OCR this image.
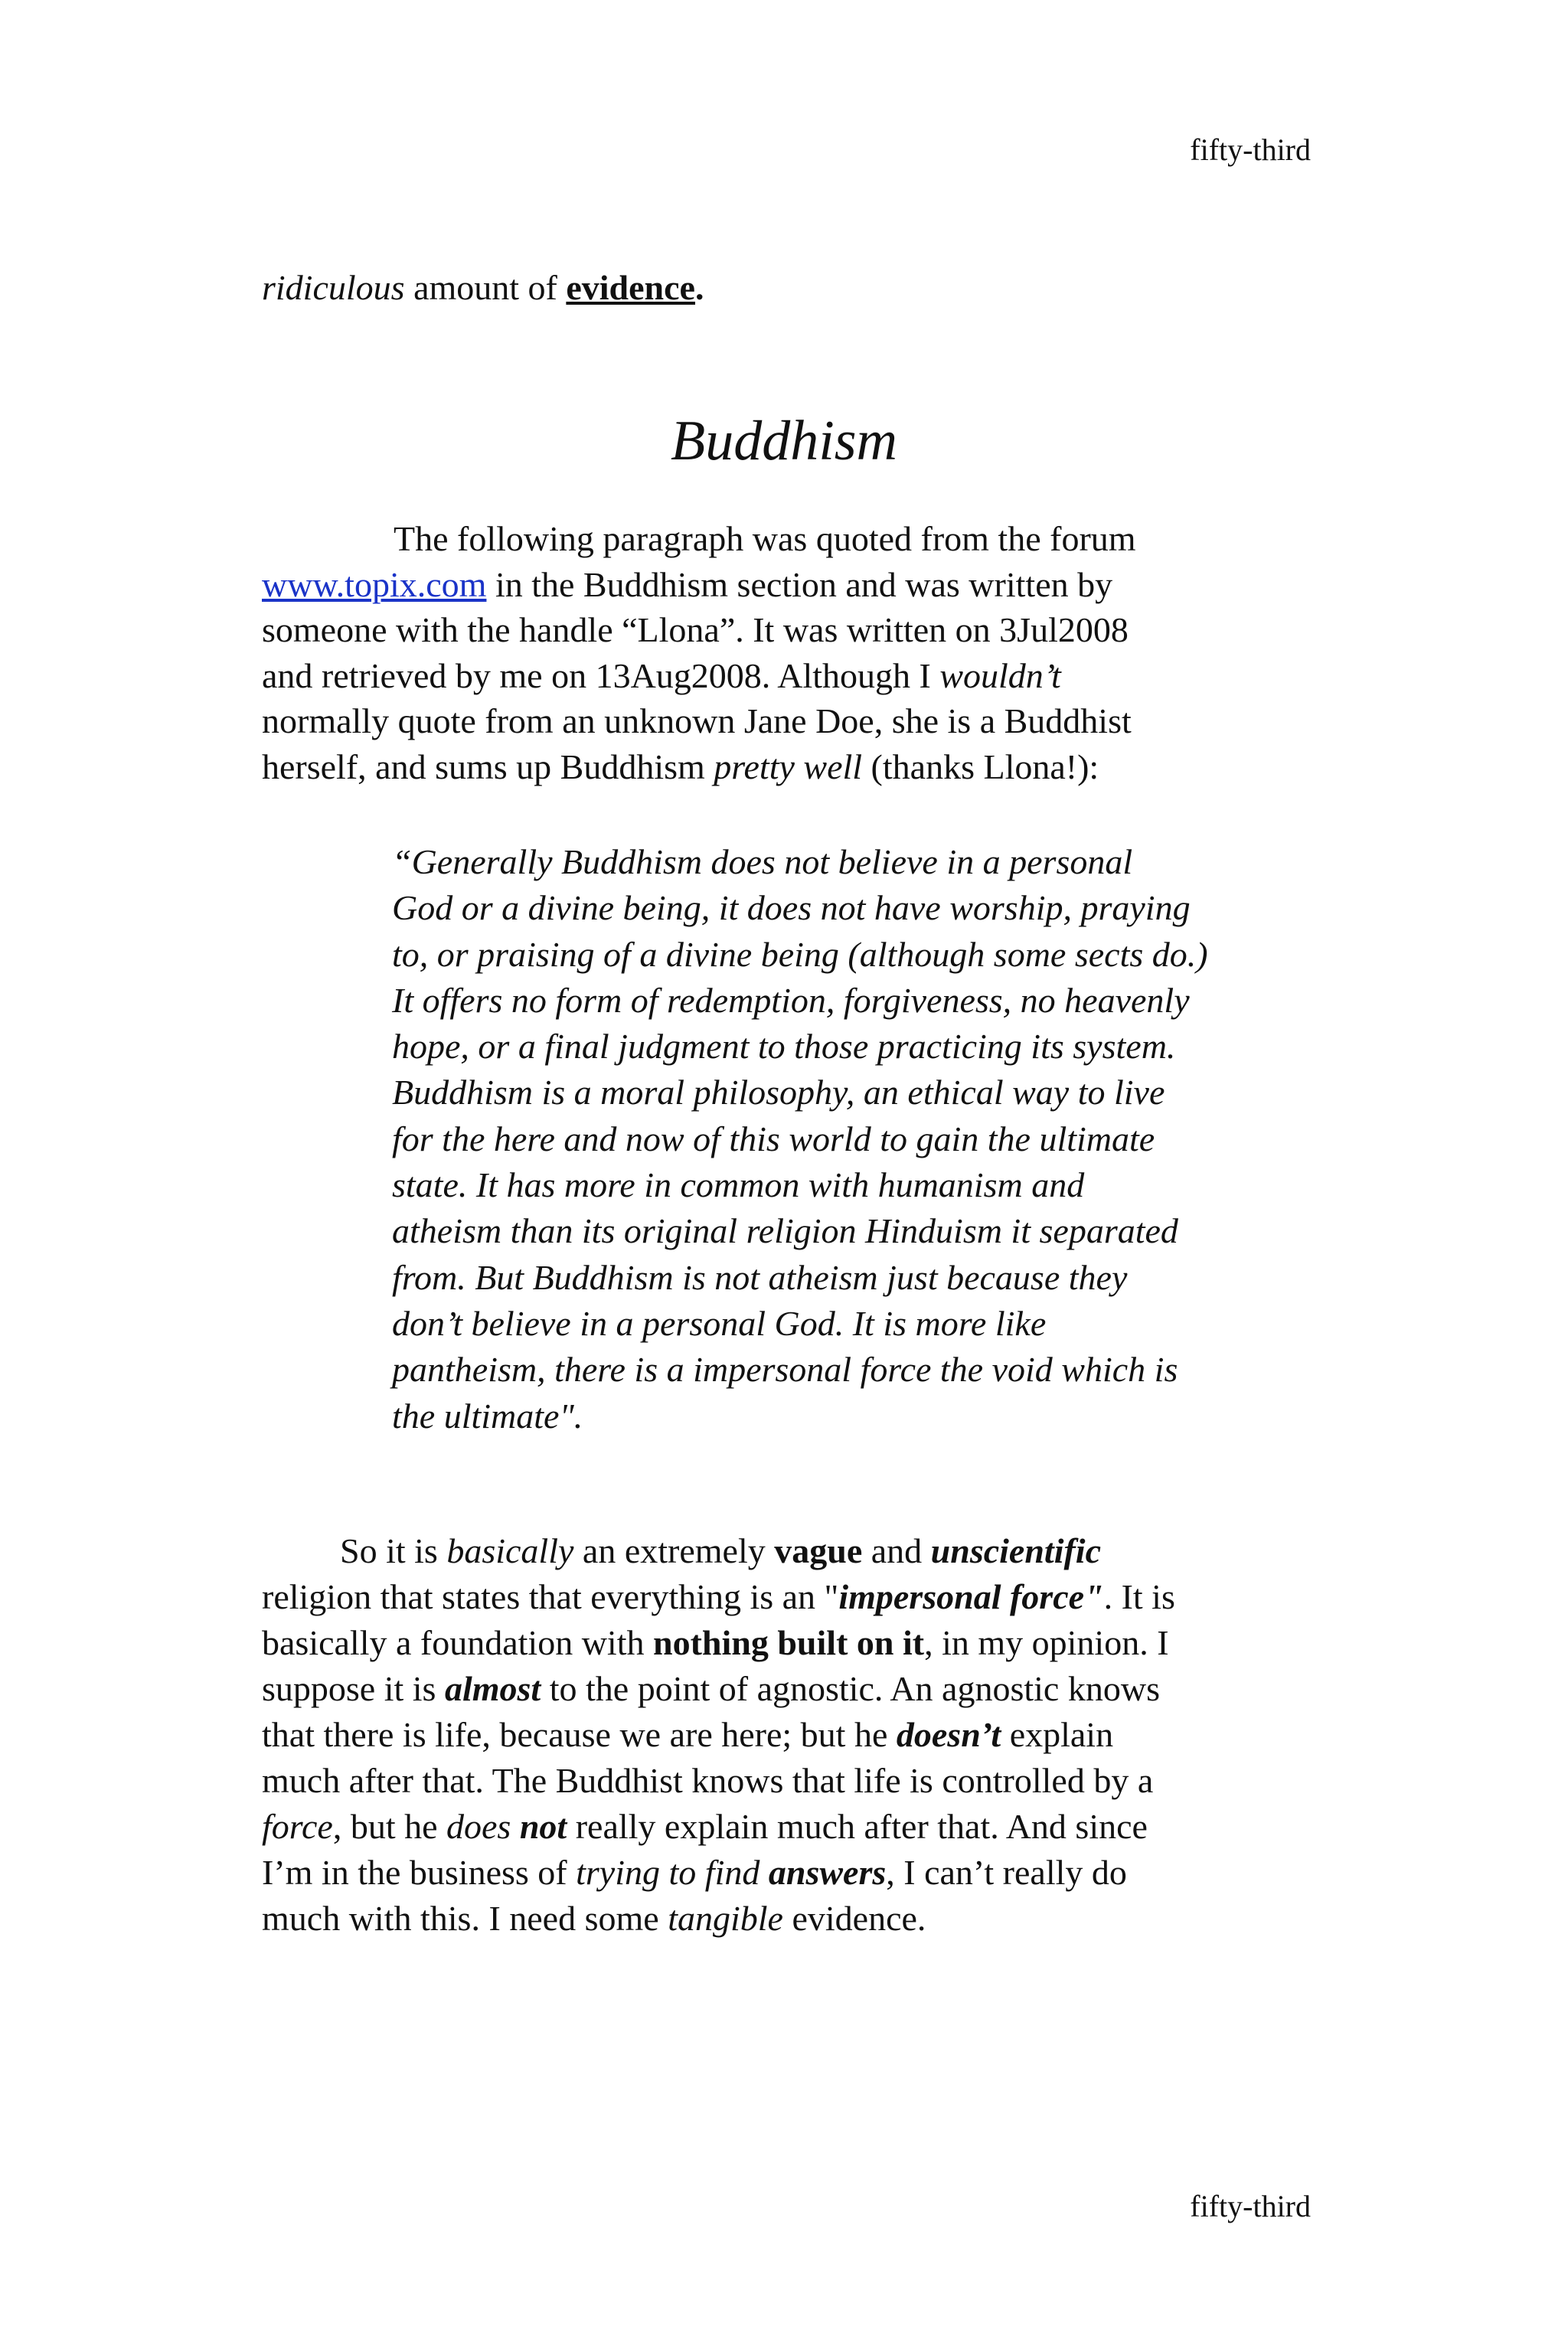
fifty-third
ridiculous amount of evidence.
Buddhism
The following paragraph was quoted from the forum
www.topix.com in the Buddhism section and was written by
someone with the handle “Llona”. It was written on 3Jul2008
and retrieved by me on 13Aug2008. Although I wouldn’t
normally quote from an unknown Jane Doe, she is a Buddhist
herself, and sums up Buddhism pretty well (thanks Llona!):
“Generally Buddhism does not believe in a personal
God or a divine being, it does not have worship, praying
to, or praising of a divine being (although some sects do.)
It offers no form of redemption, forgiveness, no heavenly
hope, or a final judgment to those practicing its system.
Buddhism is a moral philosophy, an ethical way to live
for the here and now of this world to gain the ultimate
state. It has more in common with humanism and
atheism than its original religion Hinduism it separated
from. But Buddhism is not atheism just because they
don’t believe in a personal God. It is more like
pantheism, there is a impersonal force the void which is
the ultimate".
So it is basically an extremely vague and unscientific
religion that states that everything is an "impersonal force". It is
basically a foundation with nothing built on it, in my opinion. I
suppose it is almost to the point of agnostic. An agnostic knows
that there is life, because we are here; but he doesn’t explain
much after that. The Buddhist knows that life is controlled by a
force, but he does not really explain much after that. And since
I’m in the business of trying to find answers, I can’t really do
much with this. I need some tangible evidence.
fifty-third
